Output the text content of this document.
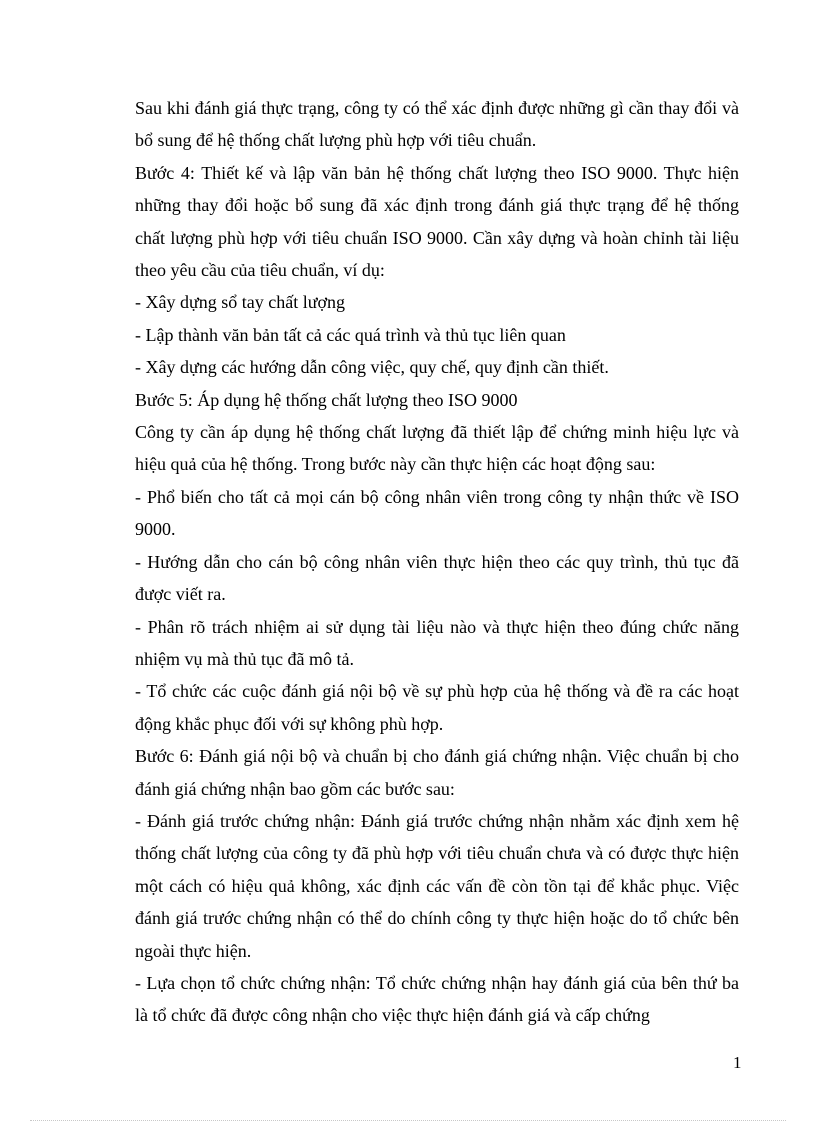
Sau khi đánh giá thực trạng, công ty có thể xác định được những gì cần thay đổi và bổ sung để hệ thống chất lượng phù hợp với tiêu chuẩn.

Bước 4: Thiết kế và lập văn bản hệ thống chất lượng theo ISO 9000. Thực hiện những thay đổi hoặc bổ sung đã xác định trong đánh giá thực trạng để hệ thống chất lượng phù hợp với tiêu chuẩn ISO 9000. Cần xây dựng và hoàn chỉnh tài liệu theo yêu cầu của tiêu chuẩn, ví dụ:

- Xây dựng sổ tay chất lượng

- Lập thành văn bản tất cả các quá trình và thủ tục liên quan

- Xây dựng các hướng dẫn công việc, quy chế, quy định cần thiết.

Bước 5: Áp dụng hệ thống chất lượng theo ISO 9000

Công ty cần áp dụng hệ thống chất lượng đã thiết lập để chứng minh hiệu lực và hiệu quả của hệ thống. Trong bước này cần thực hiện các hoạt động sau:

- Phổ biến cho tất cả mọi cán bộ công nhân viên trong công ty nhận thức về ISO 9000.

- Hướng dẫn cho cán bộ công nhân viên thực hiện theo các quy trình, thủ tục đã được viết ra.

- Phân rõ trách nhiệm ai sử dụng tài liệu nào và thực hiện theo đúng chức năng nhiệm vụ mà thủ tục đã mô tả.

- Tổ chức các cuộc đánh giá nội bộ về sự phù hợp của hệ thống và đề ra các hoạt động khắc phục đối với sự không phù hợp.

Bước 6: Đánh giá nội bộ và chuẩn bị cho đánh giá chứng nhận. Việc chuẩn bị cho đánh giá chứng nhận bao gồm các bước sau:

- Đánh giá trước chứng nhận: Đánh giá trước chứng nhận nhằm xác định xem hệ thống chất lượng của công ty đã phù hợp với tiêu chuẩn chưa và có được thực hiện một cách có hiệu quả không, xác định các vấn đề còn tồn tại để khắc phục. Việc đánh giá trước chứng nhận có thể do chính công ty thực hiện hoặc do tổ chức bên ngoài thực hiện.

- Lựa chọn tổ chức chứng nhận: Tổ chức chứng nhận hay đánh giá của bên thứ ba là tổ chức đã được công nhận cho việc thực hiện đánh giá và cấp chứng

1
